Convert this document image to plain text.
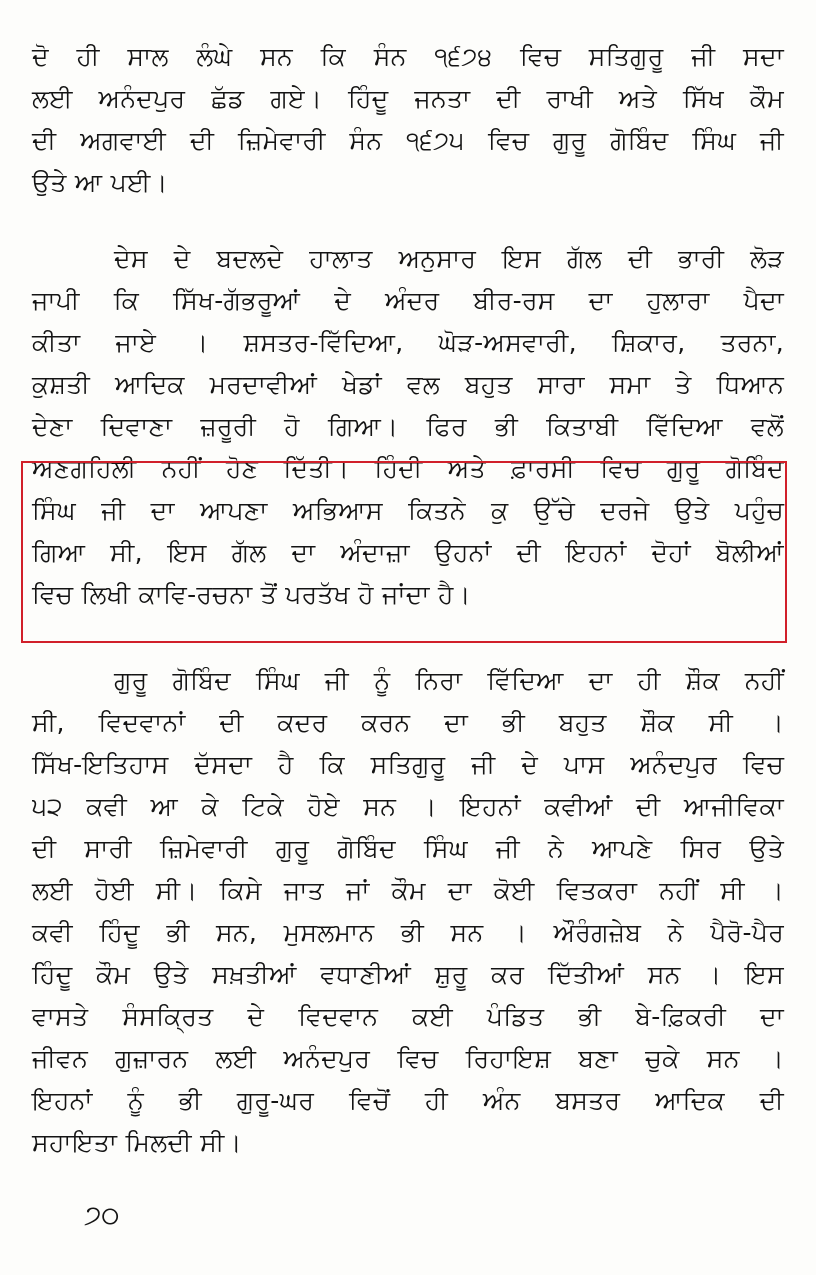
ਦੋ ਹੀ ਸਾਲ ਲੰਘੇ ਸਨ ਕਿ ਸੰਨ ੧੬੭੪ ਵਿਚ ਸਤਿਗੁਰੂ ਜੀ ਸਦਾ
ਲਈ ਅਨੰਦਪੁਰ ਛੱਡ ਗਏ। ਹਿੰਦੂ ਜਨਤਾ ਦੀ ਰਾਖੀ ਅਤੇ ਸਿੱਖ ਕੌਮ
ਦੀ ਅਗਵਾਈ ਦੀ ਜ਼ਿਮੇਵਾਰੀ ਸੰਨ ੧੬੭੫ ਵਿਚ ਗੁਰੂ ਗੋਬਿੰਦ ਸਿੰਘ ਜੀ
ਉਤੇ ਆ ਪਈ।
ਦੇਸ ਦੇ ਬਦਲਦੇ ਹਾਲਾਤ ਅਨੁਸਾਰ ਇਸ ਗੱਲ ਦੀ ਭਾਰੀ ਲੋੜ
ਜਾਪੀ ਕਿ ਸਿੱਖ-ਗੱਭਰੂਆਂ ਦੇ ਅੰਦਰ ਬੀਰ-ਰਸ ਦਾ ਹੁਲਾਰਾ ਪੈਦਾ
ਕੀਤਾ ਜਾਏ । ਸ਼ਸਤਰ-ਵਿੱਦਿਆ, ਘੋੜ-ਅਸਵਾਰੀ, ਸ਼ਿਕਾਰ, ਤਰਨਾ,
ਕੁਸ਼ਤੀ ਆਦਿਕ ਮਰਦਾਵੀਆਂ ਖੇਡਾਂ ਵਲ ਬਹੁਤ ਸਾਰਾ ਸਮਾ ਤੇ ਧਿਆਨ
ਦੇਣਾ ਦਿਵਾਣਾ ਜ਼ਰੂਰੀ ਹੋ ਗਿਆ। ਫਿਰ ਭੀ ਕਿਤਾਬੀ ਵਿੱਦਿਆ ਵਲੋਂ
ਅਣਗਹਿਲੀ ਨਹੀਂ ਹੋਣ ਦਿੱਤੀ। ਹਿੰਦੀ ਅਤੇ ਫ਼ਾਰਸੀ ਵਿਚ ਗੁਰੂ ਗੋਬਿੰਦ
ਸਿੰਘ ਜੀ ਦਾ ਆਪਣਾ ਅਭਿਆਸ ਕਿਤਨੇ ਕੁ ਉੱਚੇ ਦਰਜੇ ਉਤੇ ਪਹੁੰਚ
ਗਿਆ ਸੀ, ਇਸ ਗੱਲ ਦਾ ਅੰਦਾਜ਼ਾ ਉਹਨਾਂ ਦੀ ਇਹਨਾਂ ਦੋਹਾਂ ਬੋਲੀਆਂ
ਵਿਚ ਲਿਖੀ ਕਾਵਿ-ਰਚਨਾ ਤੋਂ ਪਰਤੱਖ ਹੋ ਜਾਂਦਾ ਹੈ।
ਗੁਰੂ ਗੋਬਿੰਦ ਸਿੰਘ ਜੀ ਨੂੰ ਨਿਰਾ ਵਿੱਦਿਆ ਦਾ ਹੀ ਸ਼ੌਕ ਨਹੀਂ
ਸੀ, ਵਿਦਵਾਨਾਂ ਦੀ ਕਦਰ ਕਰਨ ਦਾ ਭੀ ਬਹੁਤ ਸ਼ੌਕ ਸੀ ।
ਸਿੱਖ-ਇਤਿਹਾਸ ਦੱਸਦਾ ਹੈ ਕਿ ਸਤਿਗੁਰੂ ਜੀ ਦੇ ਪਾਸ ਅਨੰਦਪੁਰ ਵਿਚ
੫੨ ਕਵੀ ਆ ਕੇ ਟਿਕੇ ਹੋਏ ਸਨ । ਇਹਨਾਂ ਕਵੀਆਂ ਦੀ ਆਜੀਵਿਕਾ
ਦੀ ਸਾਰੀ ਜ਼ਿਮੇਵਾਰੀ ਗੁਰੂ ਗੋਬਿੰਦ ਸਿੰਘ ਜੀ ਨੇ ਆਪਣੇ ਸਿਰ ਉਤੇ
ਲਈ ਹੋਈ ਸੀ। ਕਿਸੇ ਜਾਤ ਜਾਂ ਕੌਮ ਦਾ ਕੋਈ ਵਿਤਕਰਾ ਨਹੀਂ ਸੀ ।
ਕਵੀ ਹਿੰਦੂ ਭੀ ਸਨ, ਮੁਸਲਮਾਨ ਭੀ ਸਨ । ਔਰੰਗਜ਼ੇਬ ਨੇ ਪੈਰੋ-ਪੈਰ
ਹਿੰਦੂ ਕੌਮ ਉਤੇ ਸਖ਼ਤੀਆਂ ਵਧਾਣੀਆਂ ਸ਼ੁਰੂ ਕਰ ਦਿੱਤੀਆਂ ਸਨ । ਇਸ
ਵਾਸਤੇ ਸੰਸਕ੍ਰਿਤ ਦੇ ਵਿਦਵਾਨ ਕਈ ਪੰਡਿਤ ਭੀ ਬੇ-ਫ਼ਿਕਰੀ ਦਾ
ਜੀਵਨ ਗੁਜ਼ਾਰਨ ਲਈ ਅਨੰਦਪੁਰ ਵਿਚ ਰਿਹਾਇਸ਼ ਬਣਾ ਚੁਕੇ ਸਨ ।
ਇਹਨਾਂ ਨੂੰ ਭੀ ਗੁਰੂ-ਘਰ ਵਿਚੋਂ ਹੀ ਅੰਨ ਬਸਤਰ ਆਦਿਕ ਦੀ
ਸਹਾਇਤਾ ਮਿਲਦੀ ਸੀ।
੭੦
